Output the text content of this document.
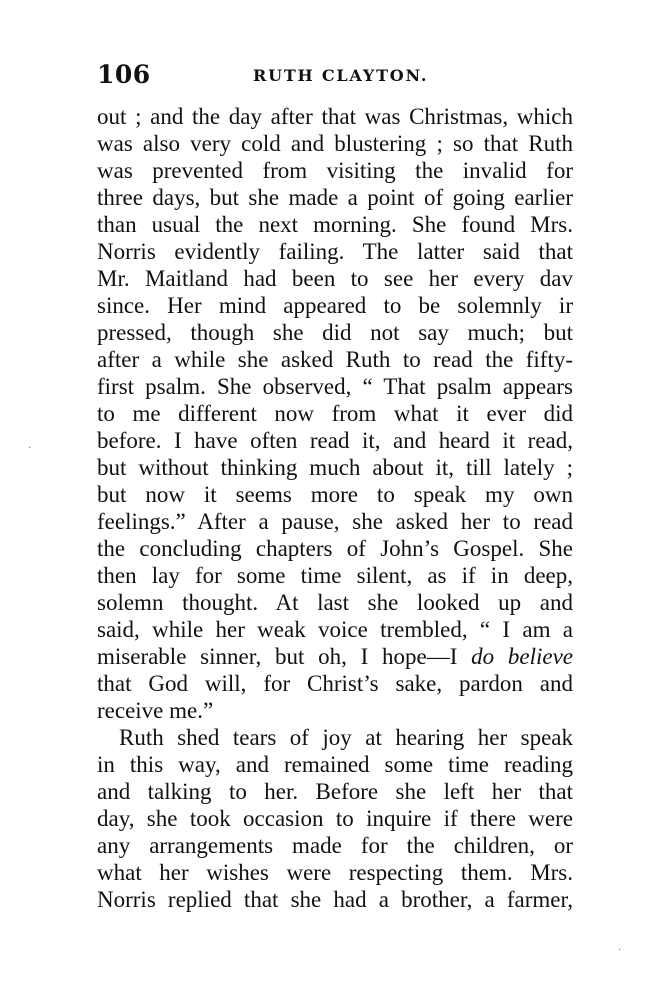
106	RUTH CLAYTON.
out ; and the day after that was Christmas, which
was also very cold and blustering ; so that Ruth
was prevented from visiting the invalid for
three days, but she made a point of going earlier
than usual the next morning. She found Mrs.
Norris evidently failing. The latter said that
Mr. Maitland had been to see her every dav
since. Her mind appeared to be solemnly ir
pressed, though she did not say much; but
after a while she asked Ruth to read the fifty-
first psalm. She observed, “ That psalm appears
to me different now from what it ever did
before. I have often read it, and heard it read,
but without thinking much about it, till lately ;
but now it seems more to speak my own
feelings.” After a pause, she asked her to read
the concluding chapters of John’s Gospel. She
then lay for some time silent, as if in deep,
solemn thought. At last she looked up and
said, while her weak voice trembled, “ I am a
miserable sinner, but oh, I hope—I do believe
that God will, for Christ’s sake, pardon and
receive me.”
Ruth shed tears of joy at hearing her speak
in this way, and remained some time reading
and talking to her. Before she left her that
day, she took occasion to inquire if there were
any arrangements made for the children, or
what her wishes were respecting them. Mrs.
Norris replied that she had a brother, a farmer,
·
·
